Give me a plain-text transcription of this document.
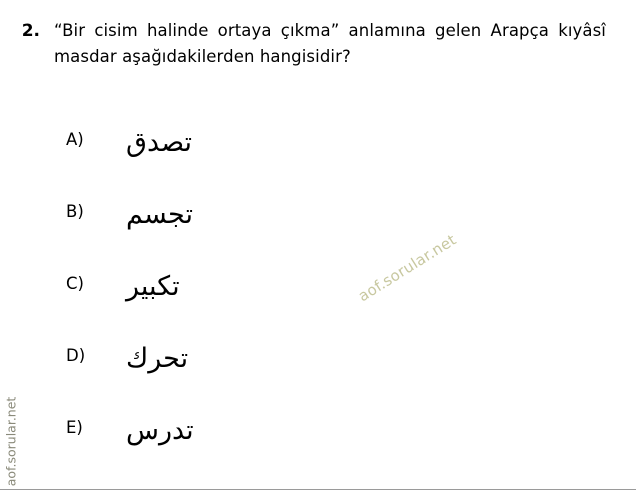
2. “Bir cisim halinde ortaya çıkma” anlamına gelen Arapça kıyâsî masdar aşağıdakilerden hangisidir?
A)	تصدق
B)	تجسم
C)	تكبير
D)	تحرك
E)	تدرس
aof.sorular.net
aof.sorular.net
